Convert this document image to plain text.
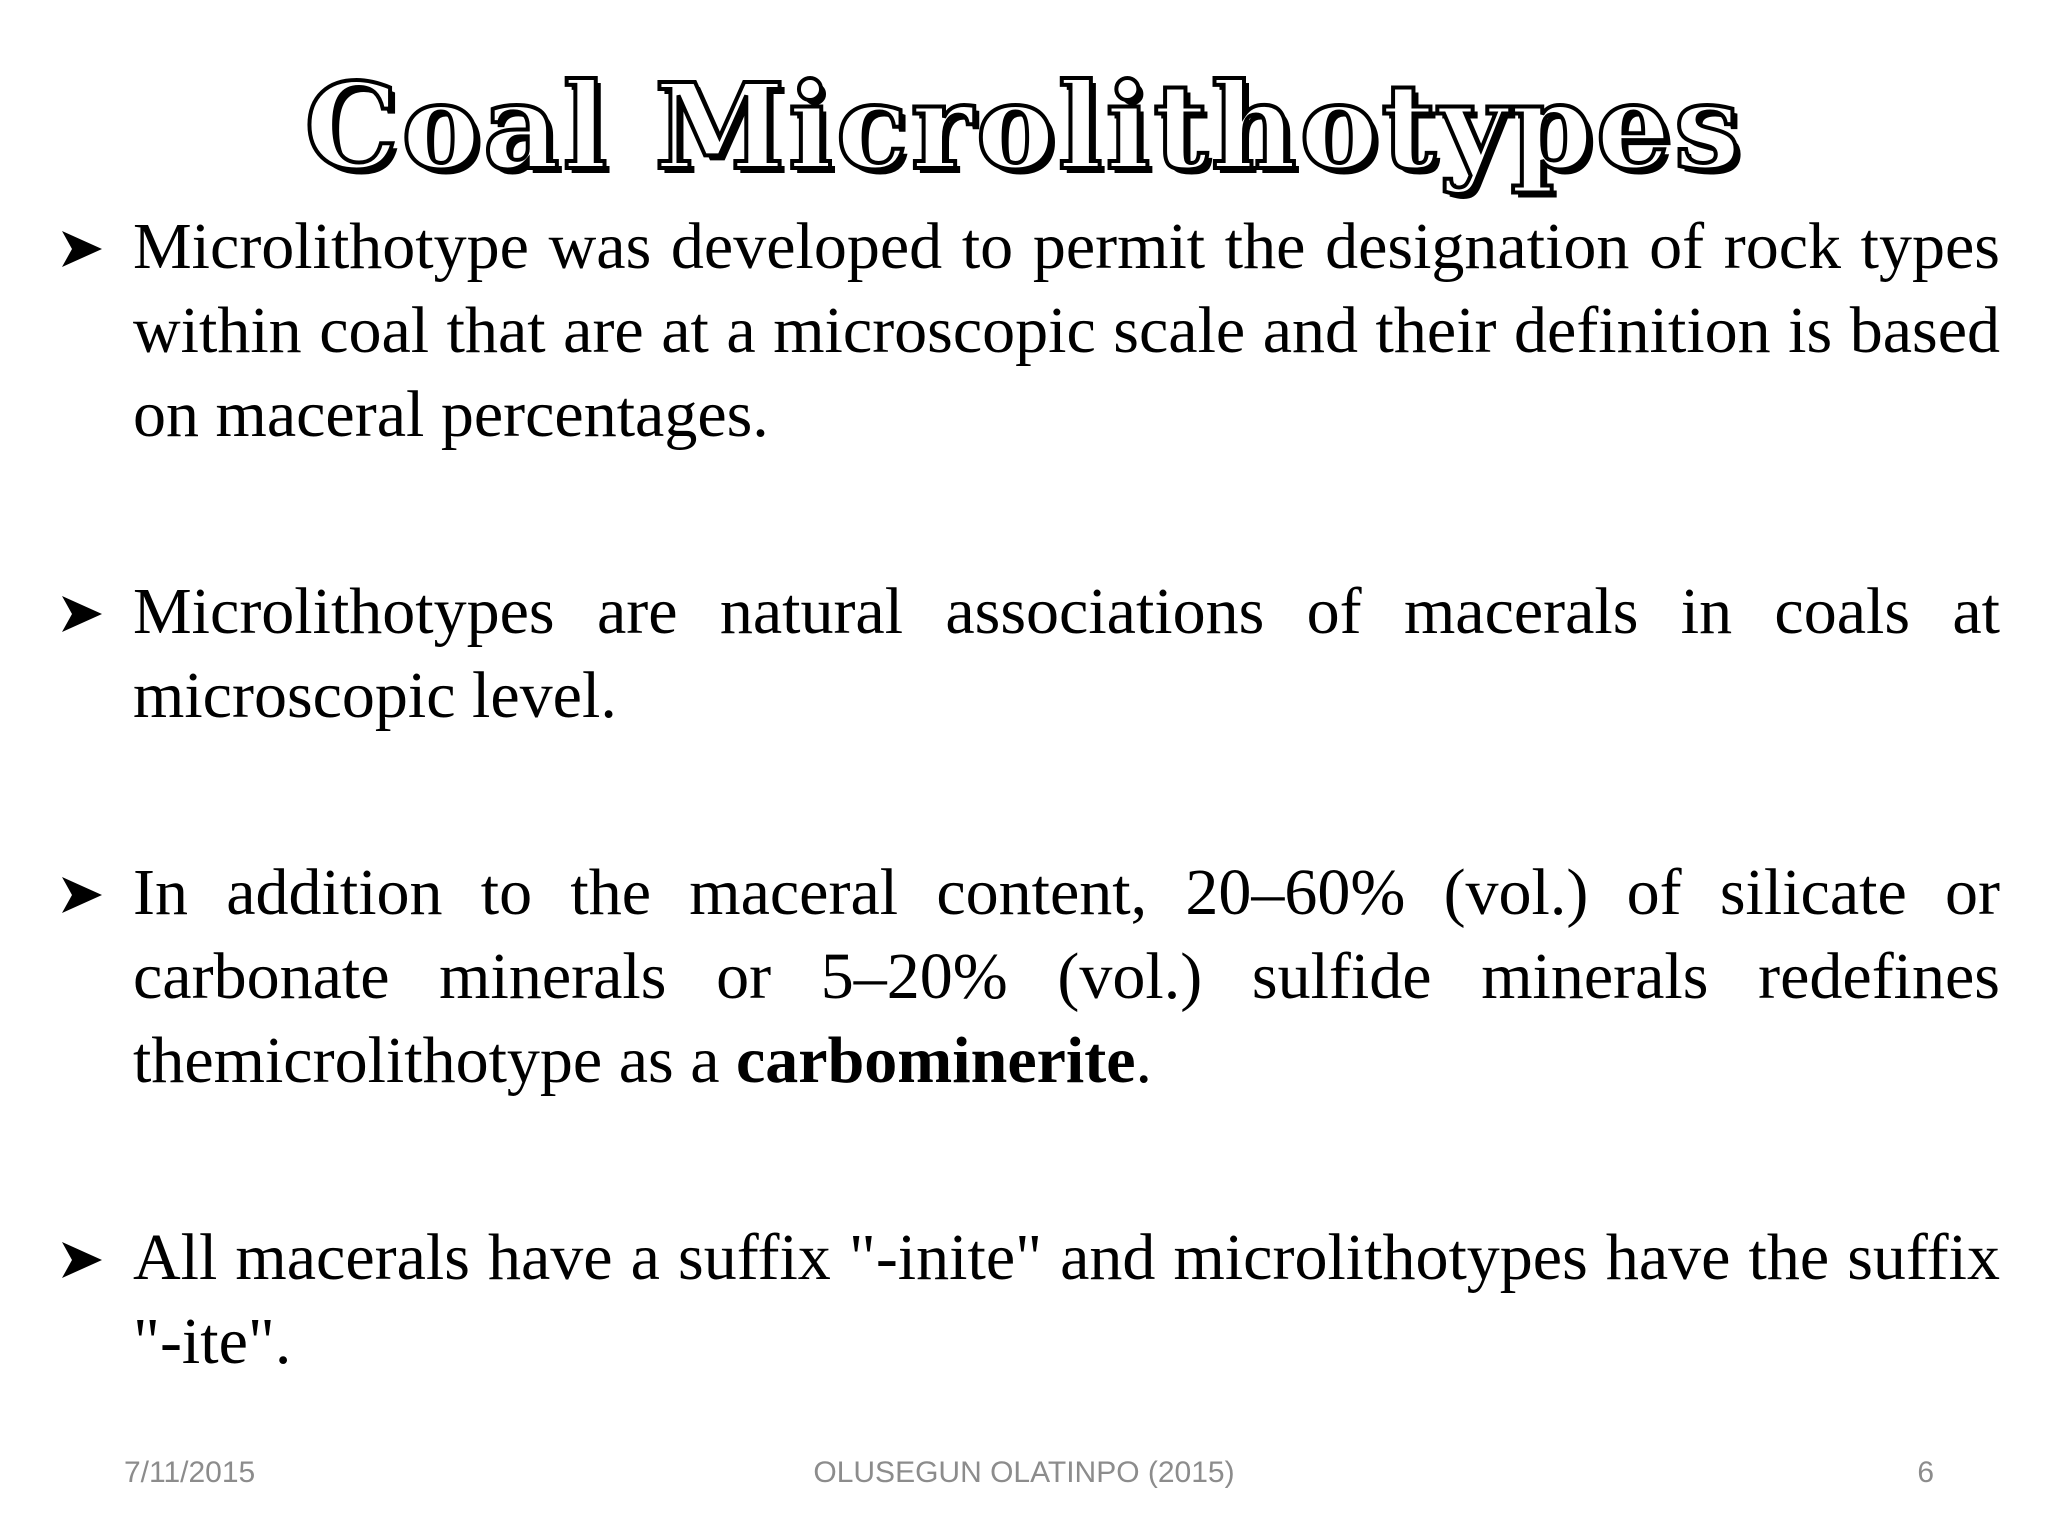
Coal Microlithotypes
Microlithotype was developed to permit the designation of rock types within coal that are at a microscopic scale and their definition is based on maceral percentages.
Microlithotypes are natural associations of macerals in coals at microscopic level.
In addition to the maceral content, 20–60% (vol.) of silicate or carbonate minerals or 5–20% (vol.) sulfide minerals redefines themicrolithotype as a carbominerite.
All macerals have a suffix "-inite" and microlithotypes have the suffix "-ite".
7/11/2015	OLUSEGUN OLATINPO (2015)	6
